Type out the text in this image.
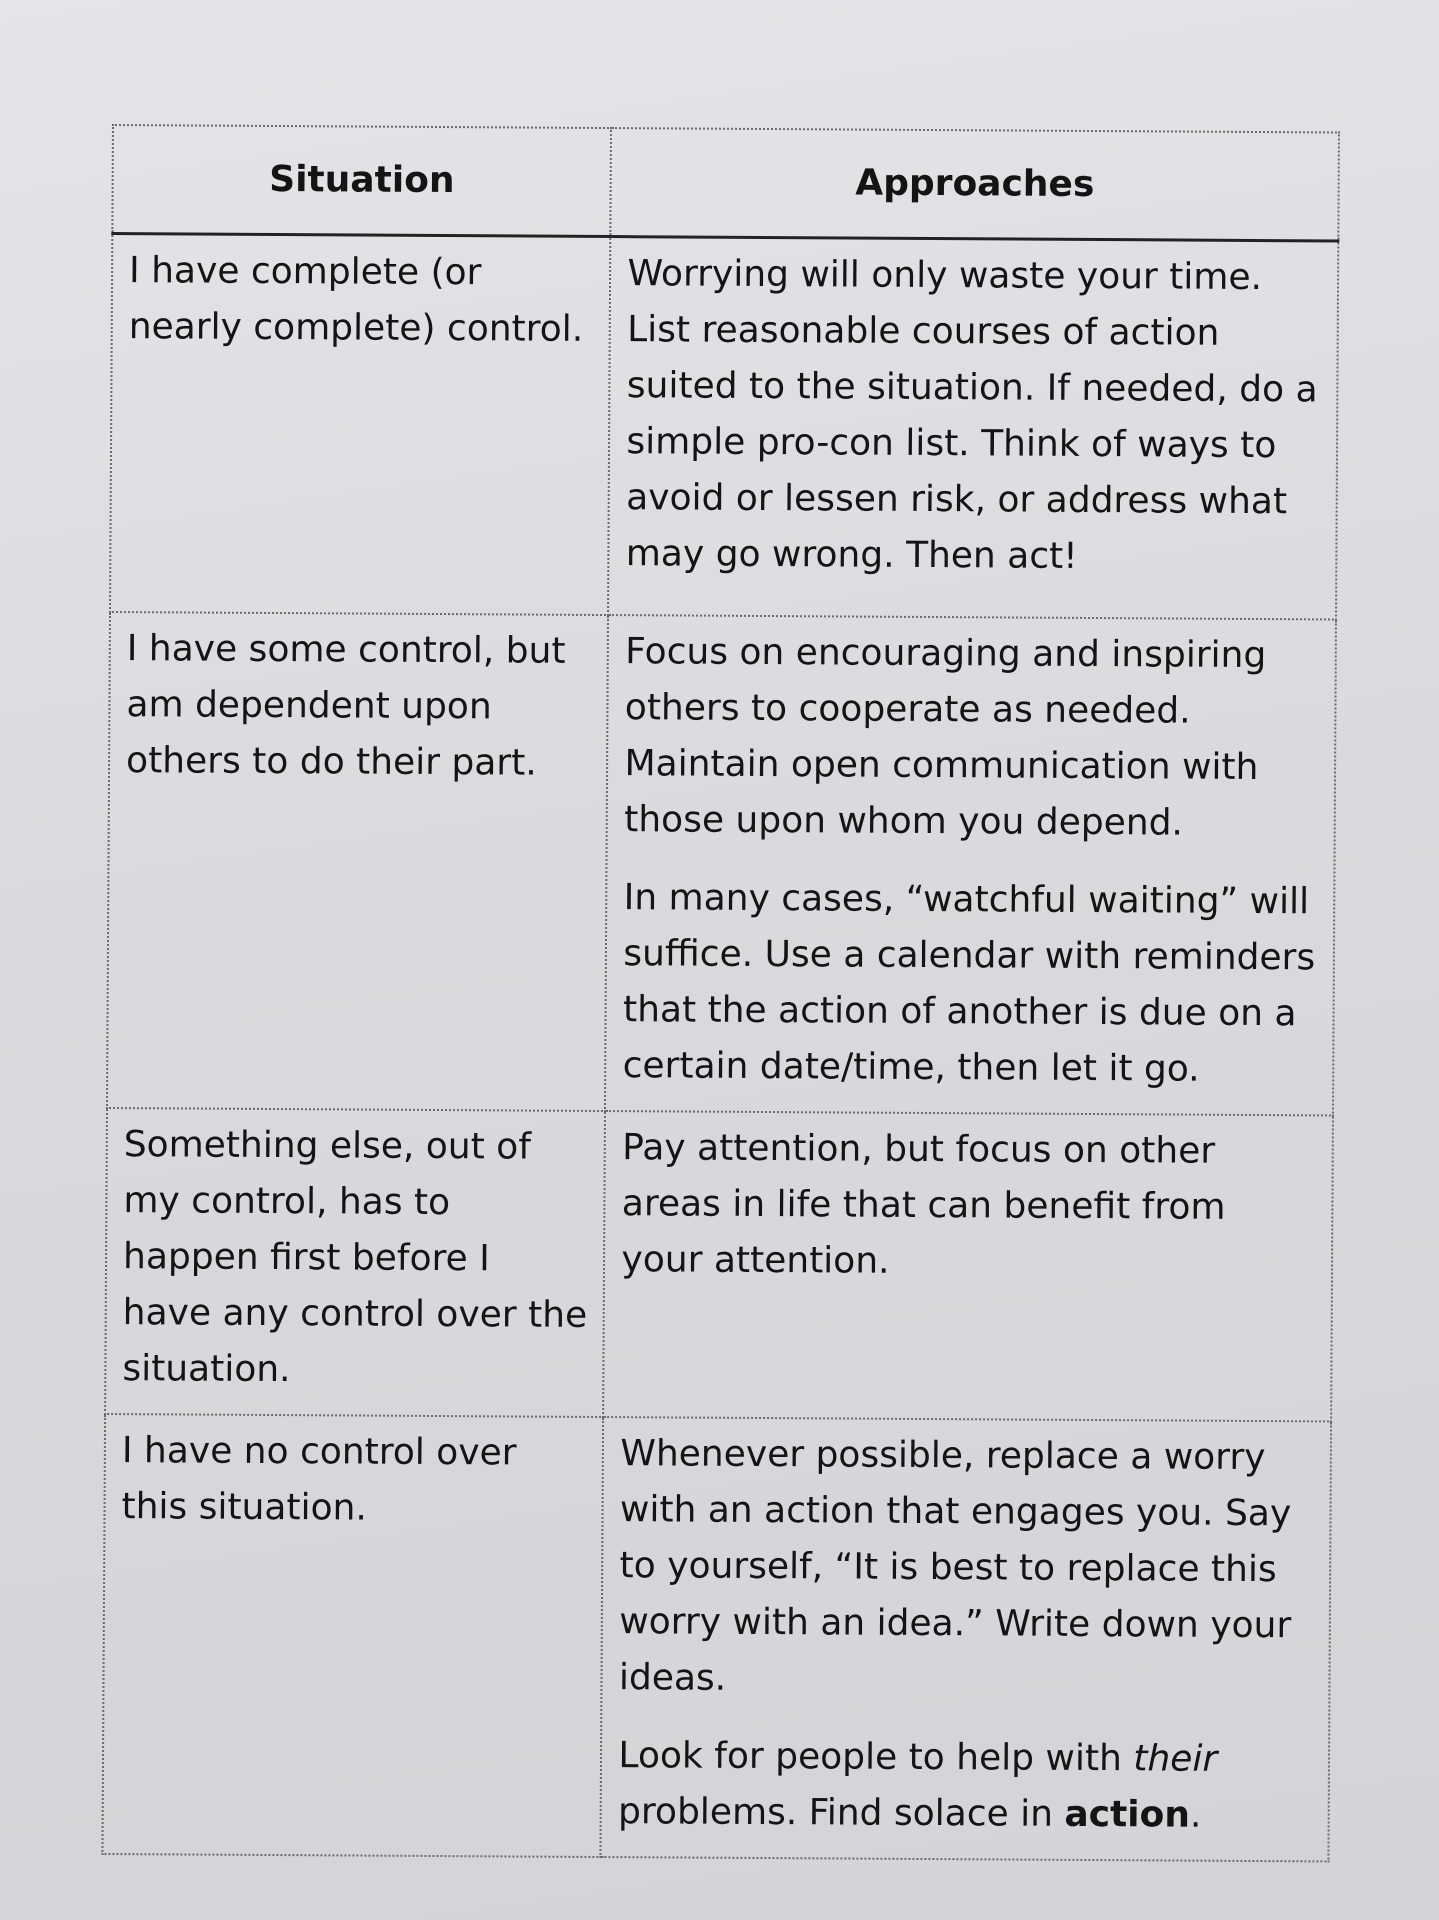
Situation	Approaches

I have complete (or nearly complete) control.	Worrying will only waste your time. List reasonable courses of action suited to the situation. If needed, do a simple pro-con list. Think of ways to avoid or lessen risk, or address what may go wrong. Then act!

I have some control, but am dependent upon others to do their part.	Focus on encouraging and inspiring others to cooperate as needed. Maintain open communication with those upon whom you depend.

In many cases, “watchful waiting” will suffice. Use a calendar with reminders that the action of another is due on a certain date/time, then let it go.

Something else, out of my control, has to happen first before I have any control over the situation.	Pay attention, but focus on other areas in life that can benefit from your attention.

I have no control over this situation.	Whenever possible, replace a worry with an action that engages you. Say to yourself, “It is best to replace this worry with an idea.” Write down your ideas.

Look for people to help with their problems. Find solace in action.
